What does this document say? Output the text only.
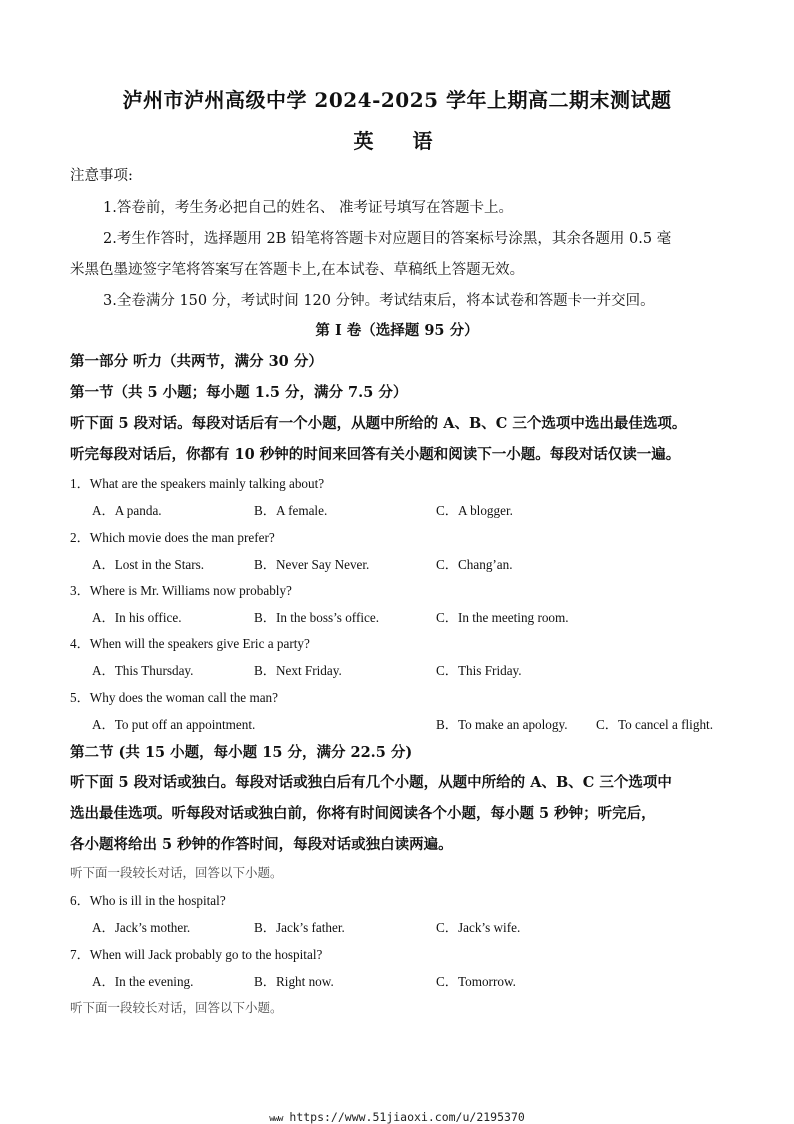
泸州市泸州高级中学 2024-2025 学年上期高二期末测试题
英 语
注意事项:
1.答卷前，考生务必把自己的姓名、 准考证号填写在答题卡上。
2.考生作答时，选择题用 2B 铅笔将答题卡对应题目的答案标号涂黑，其余各题用 0.5 毫
米黑色墨迹签字笔将答案写在答题卡上,在本试卷、草稿纸上答题无效。
3.全卷满分 150 分，考试时间 120 分钟。考试结束后，将本试卷和答题卡一并交回。
第 I 卷（选择题 95 分）
第一部分 听力（共两节，满分 30 分）
第一节（共 5 小题；每小题 1.5 分，满分 7.5 分）
听下面 5 段对话。每段对话后有一个小题，从题中所给的 A、B、C 三个选项中选出最佳选项。
听完每段对话后，你都有 10 秒钟的时间来回答有关小题和阅读下一小题。每段对话仅读一遍。
1．What are the speakers mainly talking about?
A．A panda.	B．A female.	C．A blogger.
2．Which movie does the man prefer?
A．Lost in the Stars.	B．Never Say Never.	C．Chang’an.
3．Where is Mr. Williams now probably?
A．In his office.	B．In the boss’s office.	C．In the meeting room.
4．When will the speakers give Eric a party?
A．This Thursday.	B．Next Friday.	C．This Friday.
5．Why does the woman call the man?
A．To put off an appointment.	B．To make an apology. C．To cancel a flight.
第二节 (共 15 小题，每小题 15 分，满分 22.5 分)
听下面 5 段对话或独白。每段对话或独白后有几个小题，从题中所给的 A、B、C 三个选项中
选出最佳选项。听每段对话或独白前，你将有时间阅读各个小题，每小题 5 秒钟；听完后，
各小题将给出 5 秒钟的作答时间，每段对话或独白读两遍。
听下面一段较长对话，回答以下小题。
6．Who is ill in the hospital?
A．Jack’s mother.	B．Jack’s father.	C．Jack’s wife.
7．When will Jack probably go to the hospital?
A．In the evening.	B．Right now.	C．Tomorrow.
听下面一段较长对话，回答以下小题。
www https://www.51jiaoxi.com/u/2195370
